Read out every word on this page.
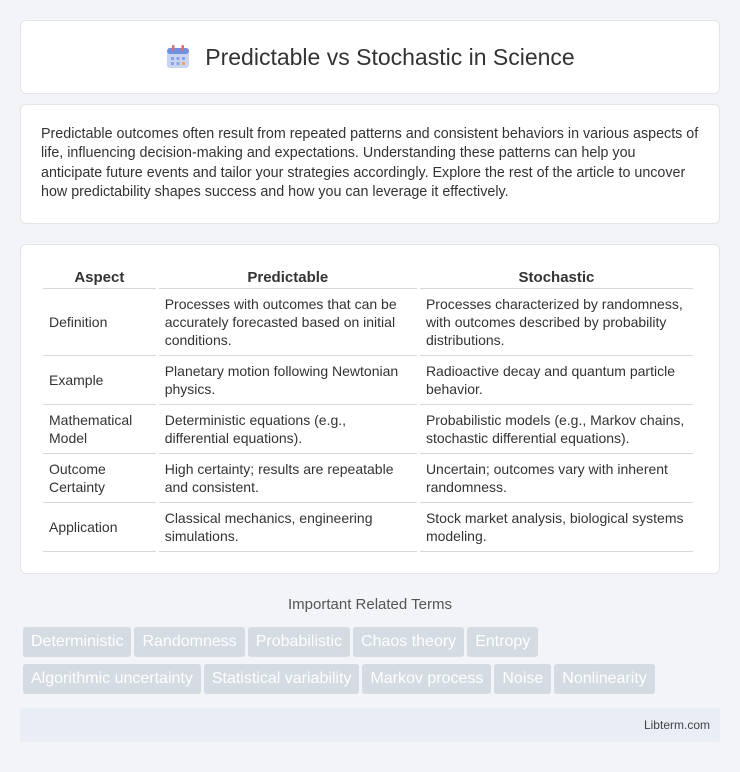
Predictable vs Stochastic in Science

Predictable outcomes often result from repeated patterns and consistent behaviors in various aspects of life, influencing decision-making and expectations. Understanding these patterns can help you anticipate future events and tailor your strategies accordingly. Explore the rest of the article to uncover how predictability shapes success and how you can leverage it effectively.

Aspect	Predictable	Stochastic
Definition	Processes with outcomes that can be accurately forecasted based on initial conditions.	Processes characterized by randomness, with outcomes described by probability distributions.
Example	Planetary motion following Newtonian physics.	Radioactive decay and quantum particle behavior.
Mathematical Model	Deterministic equations (e.g., differential equations).	Probabilistic models (e.g., Markov chains, stochastic differential equations).
Outcome Certainty	High certainty; results are repeatable and consistent.	Uncertain; outcomes vary with inherent randomness.
Application	Classical mechanics, engineering simulations.	Stock market analysis, biological systems modeling.
Important Related Terms
Deterministic Randomness Probabilistic Chaos theory Entropy
Algorithmic uncertainty Statistical variability Markov process Noise Nonlinearity
Libterm.com
